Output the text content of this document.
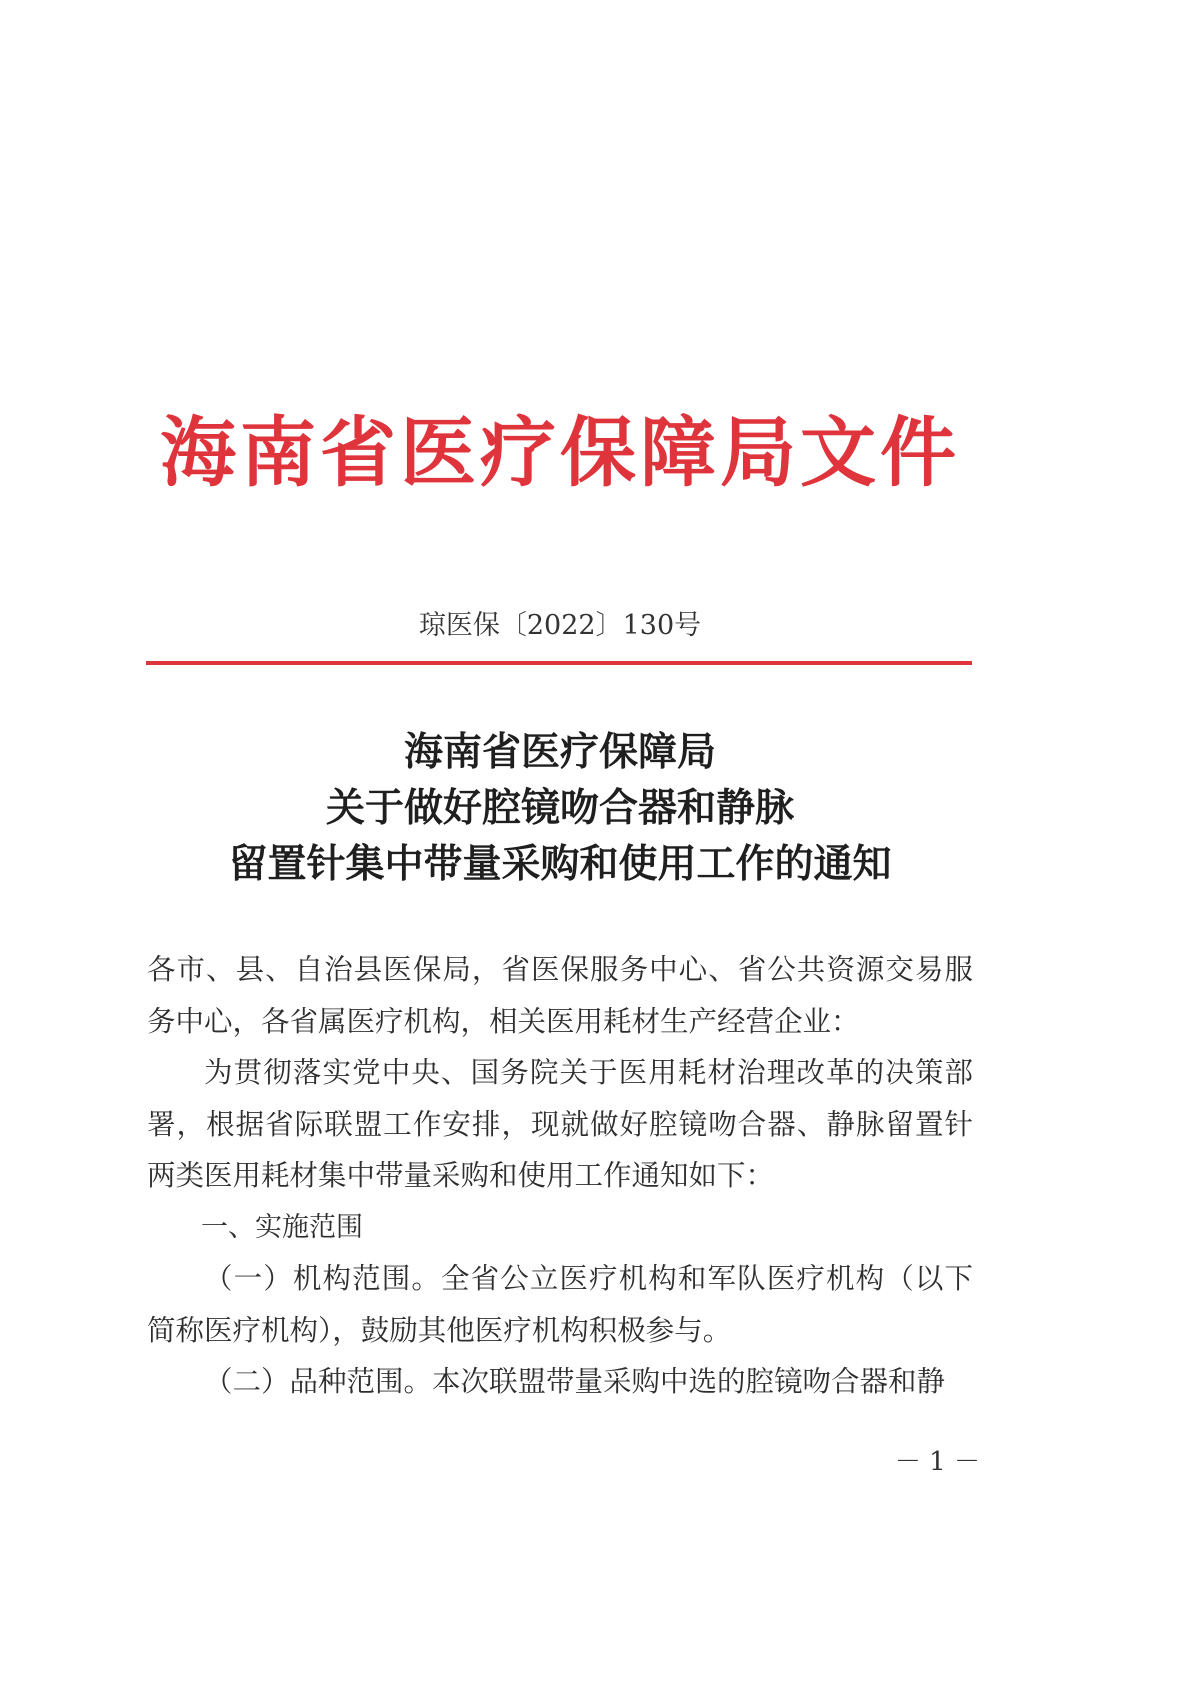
海南省医疗保障局文件
琼医保〔2022〕130号
海南省医疗保障局
关于做好腔镜吻合器和静脉
留置针集中带量采购和使用工作的通知

各市、县、自治县医保局，省医保服务中心、省公共资源交易服务中心，各省属医疗机构，相关医用耗材生产经营企业：

为贯彻落实党中央、国务院关于医用耗材治理改革的决策部署，根据省际联盟工作安排，现就做好腔镜吻合器、静脉留置针两类医用耗材集中带量采购和使用工作通知如下：

一、实施范围

（一）机构范围。全省公立医疗机构和军队医疗机构（以下简称医疗机构），鼓励其他医疗机构积极参与。

（二）品种范围。本次联盟带量采购中选的腔镜吻合器和静

－ 1 －
